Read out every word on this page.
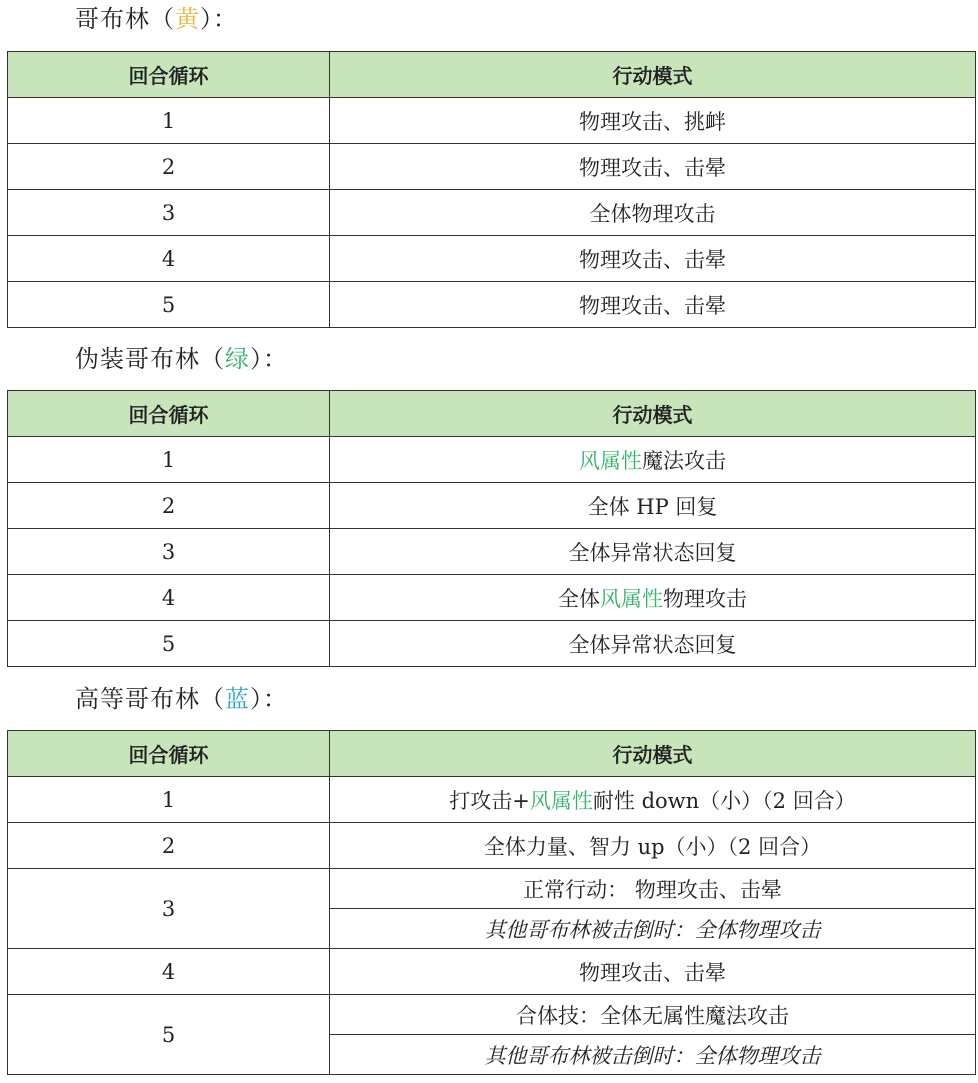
哥布林（黄）：
回合循环	行动模式
1	物理攻击、挑衅
2	物理攻击、击晕
3	全体物理攻击
4	物理攻击、击晕
5	物理攻击、击晕
伪装哥布林（绿）：
回合循环	行动模式
1	风属性魔法攻击
2	全体 HP 回复
3	全体异常状态回复
4	全体风属性物理攻击
5	全体异常状态回复
高等哥布林（蓝）：
回合循环	行动模式
1	打攻击+风属性耐性 down（小）（2 回合）
2	全体力量、智力 up（小）（2 回合）
3	正常行动： 物理攻击、击晕
	其他哥布林被击倒时：全体物理攻击
4	物理攻击、击晕
5	合体技：全体无属性魔法攻击
	其他哥布林被击倒时：全体物理攻击
